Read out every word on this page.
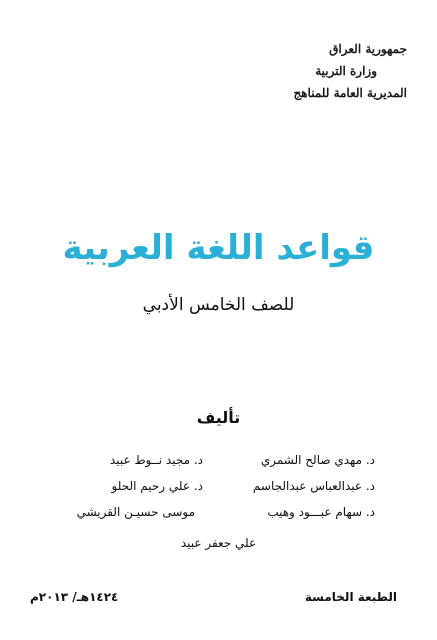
جمهورية العراق
وزارة التربية
المديرية العامة للمناهج
قواعد اللغة العربية
للصف الخامس الأدبي
تأليف
د. مهدي صالح الشمري
د. عبدالعباس عبدالجاسم
د. سهام عبـــود وهيب
د. مجيد نــوط عبيد
د. علي رحيم الحلو
موسى حسيـن القريشي
علي جعفر عبيد
الطبعة الخامسة
١٤٢٤هـ/ ٢٠١٣م
